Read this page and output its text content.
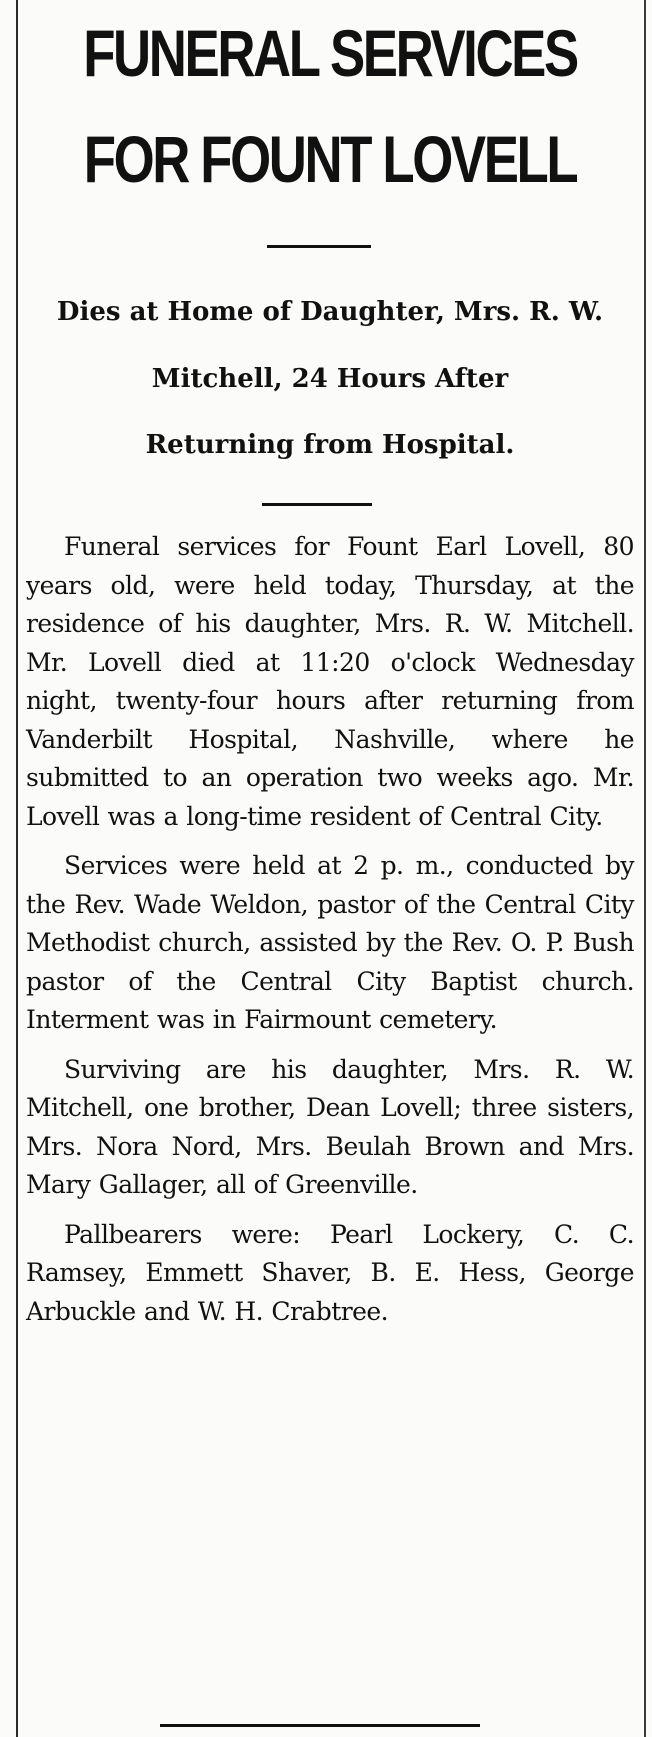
FUNERAL SERVICES
FOR FOUNT LOVELL
Dies at Home of Daughter, Mrs. R. W.
Mitchell, 24 Hours After
Returning from Hospital.

Funeral services for Fount Earl Lovell, 80 years old, were held today, Thursday, at the residence of his daughter, Mrs. R. W. Mitchell. Mr. Lovell died at 11:20 o'clock Wednesday night, twenty-four hours after returning from Vanderbilt Hospital, Nashville, where he submitted to an operation two weeks ago. Mr. Lovell was a long-time resident of Central City.

Services were held at 2 p. m., conducted by the Rev. Wade Weldon, pastor of the Central City Methodist church, assisted by the Rev. O. P. Bush pastor of the Central City Baptist church. Interment was in Fairmount cemetery.

Surviving are his daughter, Mrs. R. W. Mitchell, one brother, Dean Lovell; three sisters, Mrs. Nora Nord, Mrs. Beulah Brown and Mrs. Mary Gallager, all of Greenville.

Pallbearers were: Pearl Lockery, C. C. Ramsey, Emmett Shaver, B. E. Hess, George Arbuckle and W. H. Crabtree.
